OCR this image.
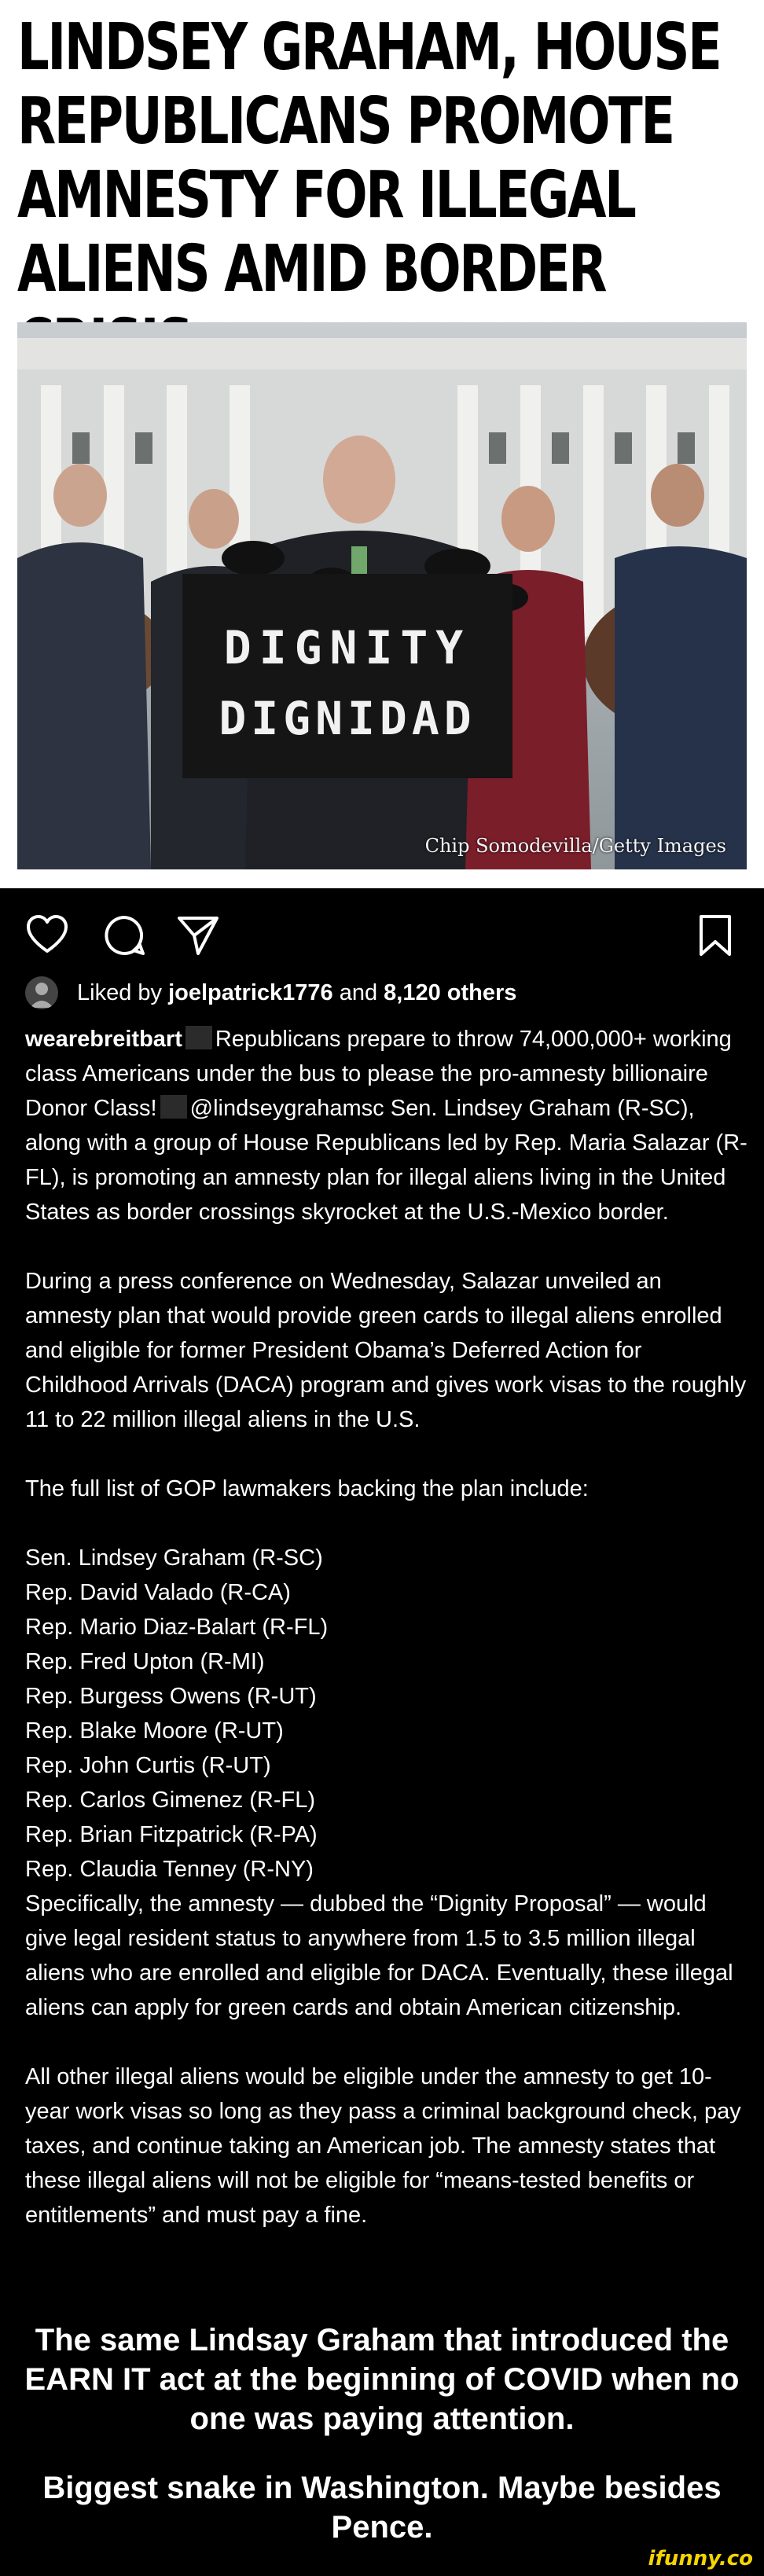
LINDSEY GRAHAM, HOUSE REPUBLICANS PROMOTE AMNESTY FOR ILLEGAL ALIENS AMID BORDER
DIGNITY
DIGNIDAD
Chip Somodevilla/Getty Images
Liked by joelpatrick1776 and 8,120 others

wearebreitbart Republicans prepare to throw 74,000,000+ working class Americans under the bus to please the pro-amnesty billionaire Donor Class! @lindseygrahamsc Sen. Lindsey Graham (R-SC), along with a group of House Republicans led by Rep. Maria Salazar (R-FL), is promoting an amnesty plan for illegal aliens living in the United States as border crossings skyrocket at the U.S.-Mexico border.

During a press conference on Wednesday, Salazar unveiled an amnesty plan that would provide green cards to illegal aliens enrolled and eligible for former President Obama’s Deferred Action for Childhood Arrivals (DACA) program and gives work visas to the roughly 11 to 22 million illegal aliens in the U.S.

The full list of GOP lawmakers backing the plan include:

Sen. Lindsey Graham (R-SC)

Rep. David Valado (R-CA)

Rep. Mario Diaz-Balart (R-FL)

Rep. Fred Upton (R-MI)

Rep. Burgess Owens (R-UT)

Rep. Blake Moore (R-UT)

Rep. John Curtis (R-UT)

Rep. Carlos Gimenez (R-FL)

Rep. Brian Fitzpatrick (R-PA)

Rep. Claudia Tenney (R-NY)

Specifically, the amnesty — dubbed the “Dignity Proposal” — would give legal resident status to anywhere from 1.5 to 3.5 million illegal aliens who are enrolled and eligible for DACA. Eventually, these illegal aliens can apply for green cards and obtain American citizenship.

All other illegal aliens would be eligible under the amnesty to get 10-year work visas so long as they pass a criminal background check, pay taxes, and continue taking an American job. The amnesty states that these illegal aliens will not be eligible for “means-tested benefits or entitlements” and must pay a fine.

The same Lindsay Graham that introduced the EARN IT act at the beginning of COVID when no one was paying attention.
Biggest snake in Washington. Maybe besides Pence.
ifunny.co
